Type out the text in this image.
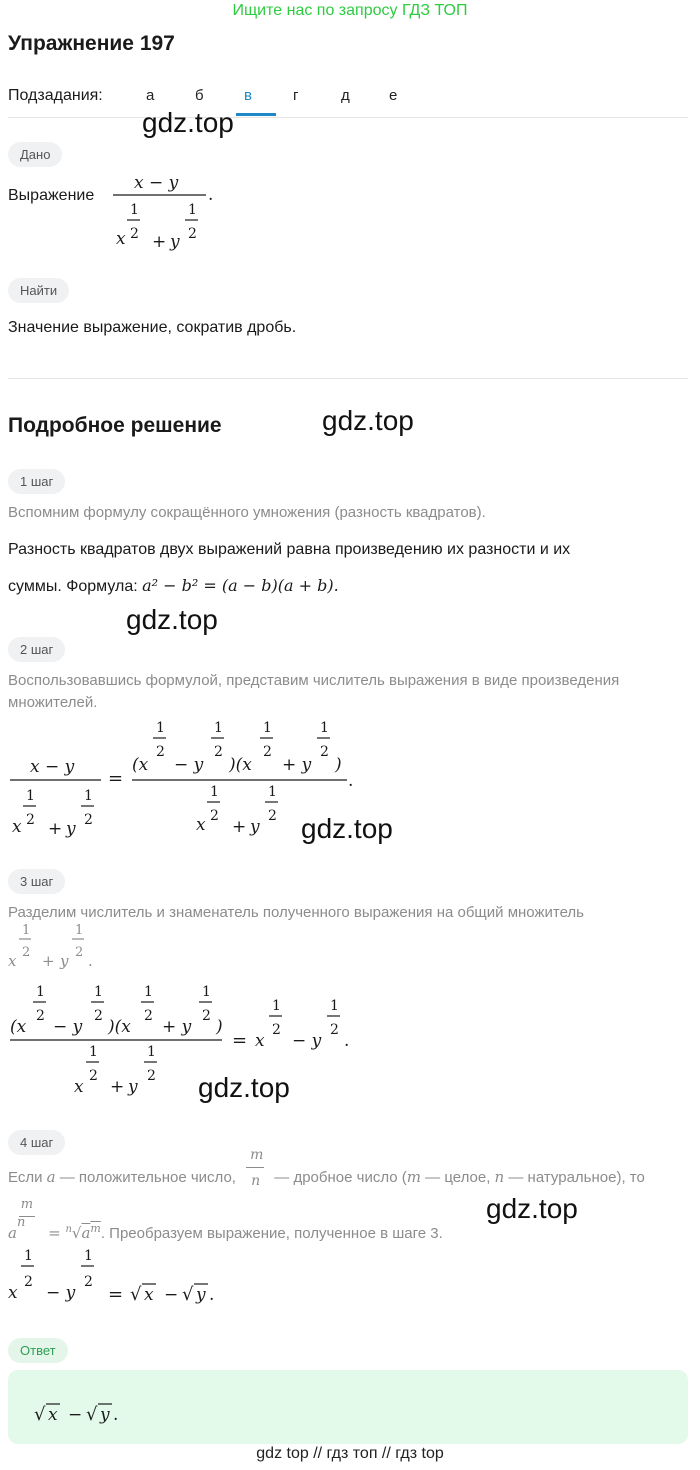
Ищите нас по запросу ГДЗ ТОП
Упражнение 197
Подзадания:	а	б	в	г	д	е
gdz.top
Дано
Выражение
x − y
x
1
2 + y
1
2
.
Найти
Значение выражение, сократив дробь.
Подробное решение	gdz.top
1 шаг
Вспомним формулу сокращённого умножения (разность квадратов).
Разность квадратов двух выражений равна произведению их разности и их
суммы. Формула: a² − b² = (a − b)(a + b).
gdz.top
2 шаг
Воспользовавшись формулой, представим числитель выражения в виде произведения
множителей.
x − y
x
1
2 + y
1
2
=
(x
1
2
− y
1
2
)(x
1
2
+ y
1
2
)
x
1
2
+ y
1
2
.
gdz.top
3 шаг
Разделим числитель и знаменатель полученного выражения на общий множитель
x
1
2 + y
1
2 .
(x
1
2
− y
1
2
)(x
1
2
+ y
1
2
)
x
1
2
+ y
1
2
= x
1
2
− y
1
2
.
gdz.top
4 шаг
Если a — положительное число, $\frac{m}{n}$ — дробное число (m — целое, n — натуральное), то
amn = $^n√a^m$. Преобразуем выражение, полученное в шаге 3.
x
1
2
− y
1
2
= √ x − √ y .
gdz.top
Ответ
√ x − √ y .
gdz top // гдз топ // гдз top
